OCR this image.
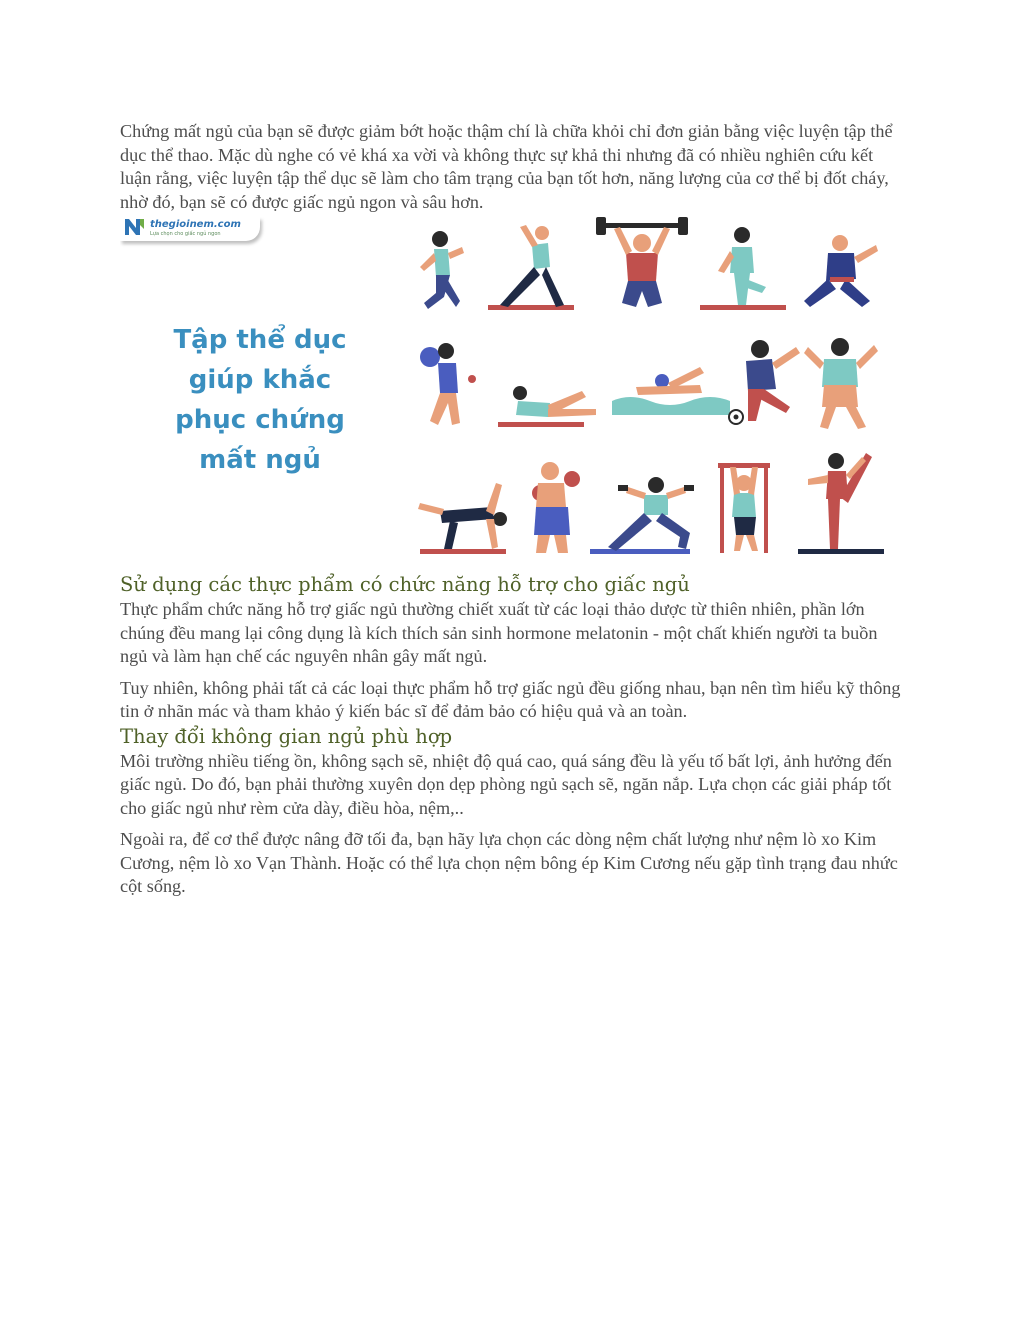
Chứng mất ngủ của bạn sẽ được giảm bớt hoặc thậm chí là chữa khỏi chỉ đơn giản bằng việc luyện tập thể dục thể thao. Mặc dù nghe có vẻ khá xa vời và không thực sự khả thi nhưng đã có nhiều nghiên cứu kết luận rằng, việc luyện tập thể dục sẽ làm cho tâm trạng của bạn tốt hơn, năng lượng của cơ thể bị đốt cháy, nhờ đó, bạn sẽ có được giấc ngủ ngon và sâu hơn.

thegioinem.com
Lựa chọn cho giấc ngủ ngon
Tập thể dục
giúp khắc
phục chứng
mất ngủ
Sử dụng các thực phẩm có chức năng hỗ trợ cho giấc ngủ

Thực phẩm chức năng hỗ trợ giấc ngủ thường chiết xuất từ các loại thảo dược từ thiên nhiên, phần lớn chúng đều mang lại công dụng là kích thích sản sinh hormone melatonin - một chất khiến người ta buồn ngủ và làm hạn chế các nguyên nhân gây mất ngủ.

Tuy nhiên, không phải tất cả các loại thực phẩm hỗ trợ giấc ngủ đều giống nhau, bạn nên tìm hiểu kỹ thông tin ở nhãn mác và tham khảo ý kiến bác sĩ để đảm bảo có hiệu quả và an toàn.

Thay đổi không gian ngủ phù hợp

Môi trường nhiều tiếng ồn, không sạch sẽ, nhiệt độ quá cao, quá sáng đều là yếu tố bất lợi, ảnh hưởng đến giấc ngủ. Do đó, bạn phải thường xuyên dọn dẹp phòng ngủ sạch sẽ, ngăn nắp. Lựa chọn các giải pháp tốt cho giấc ngủ như rèm cửa dày, điều hòa, nệm,..

Ngoài ra, để cơ thể được nâng đỡ tối đa, bạn hãy lựa chọn các dòng nệm chất lượng như nệm lò xo Kim Cương, nệm lò xo Vạn Thành. Hoặc có thể lựa chọn nệm bông ép Kim Cương nếu gặp tình trạng đau nhức cột sống.
